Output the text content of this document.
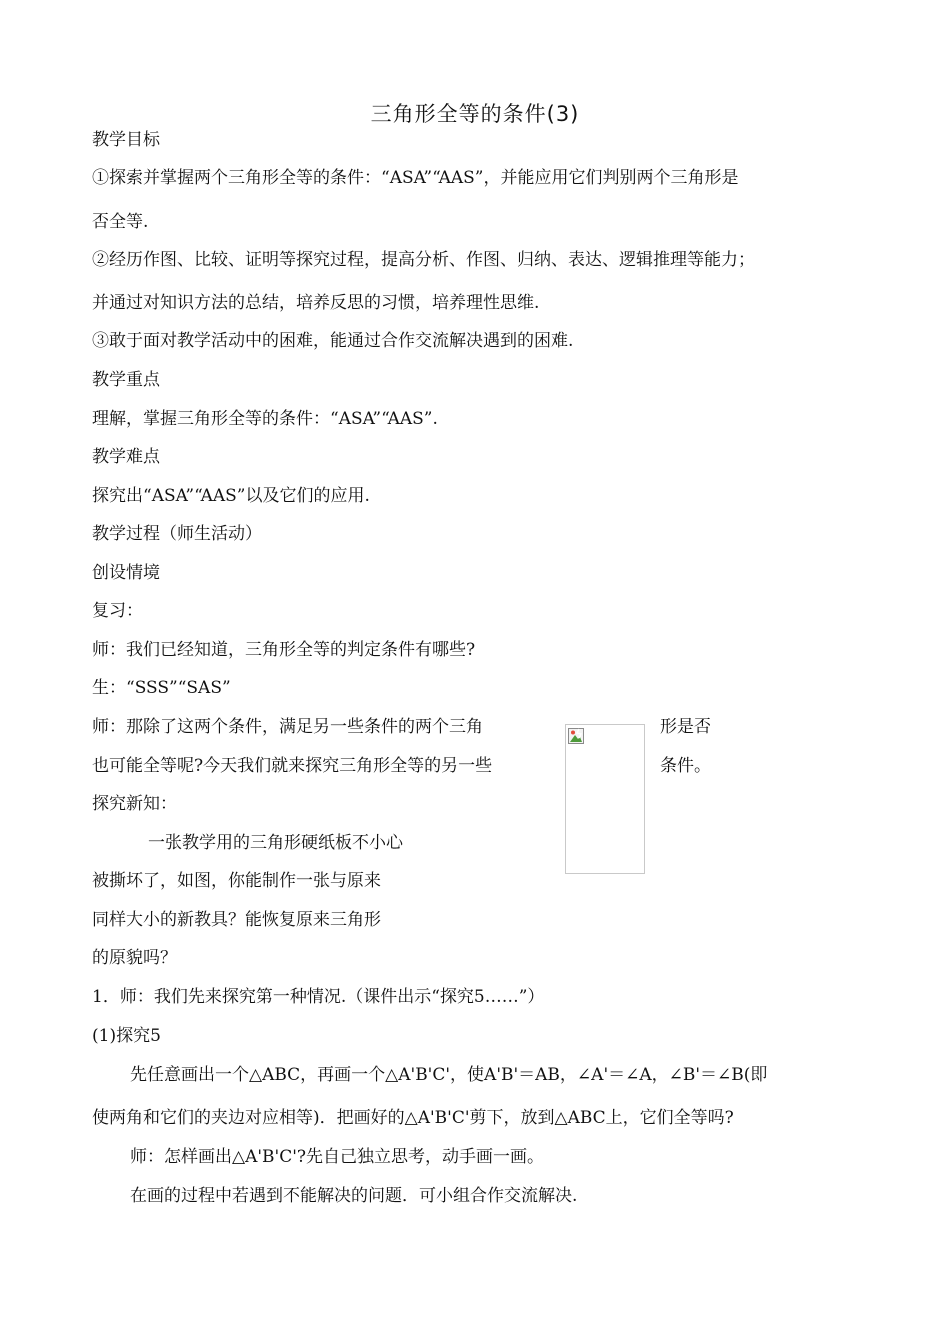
三角形全等的条件(3)
教学目标
①探索并掌握两个三角形全等的条件：“ASA”“AAS”，并能应用它们判别两个三角形是
否全等.
②经历作图、比较、证明等探究过程，提高分析、作图、归纳、表达、逻辑推理等能力；
并通过对知识方法的总结，培养反思的习惯，培养理性思维.
③敢于面对教学活动中的困难，能通过合作交流解决遇到的困难.
教学重点
理解，掌握三角形全等的条件：“ASA”“AAS”.
教学难点
探究出“ASA”“AAS”以及它们的应用.
教学过程（师生活动）
创设情境
复习：
师：我们已经知道，三角形全等的判定条件有哪些?
生：“SSS”“SAS”
师：那除了这两个条件，满足另一些条件的两个三角	形是否
也可能全等呢?今天我们就来探究三角形全等的另一些	条件。
探究新知：
一张教学用的三角形硬纸板不小心
被撕坏了，如图，你能制作一张与原来
同样大小的新教具？能恢复原来三角形
的原貌吗？
1．师：我们先来探究第一种情况.（课件出示“探究5……”）
(1)探究5
先任意画出一个△ABC，再画一个△A'B'C'，使A'B'＝AB，∠A'＝∠A，∠B'＝∠B(即
使两角和它们的夹边对应相等)．把画好的△A'B'C'剪下，放到△ABC上，它们全等吗?
师：怎样画出△A'B'C'?先自己独立思考，动手画一画。
在画的过程中若遇到不能解决的问题．可小组合作交流解决.
